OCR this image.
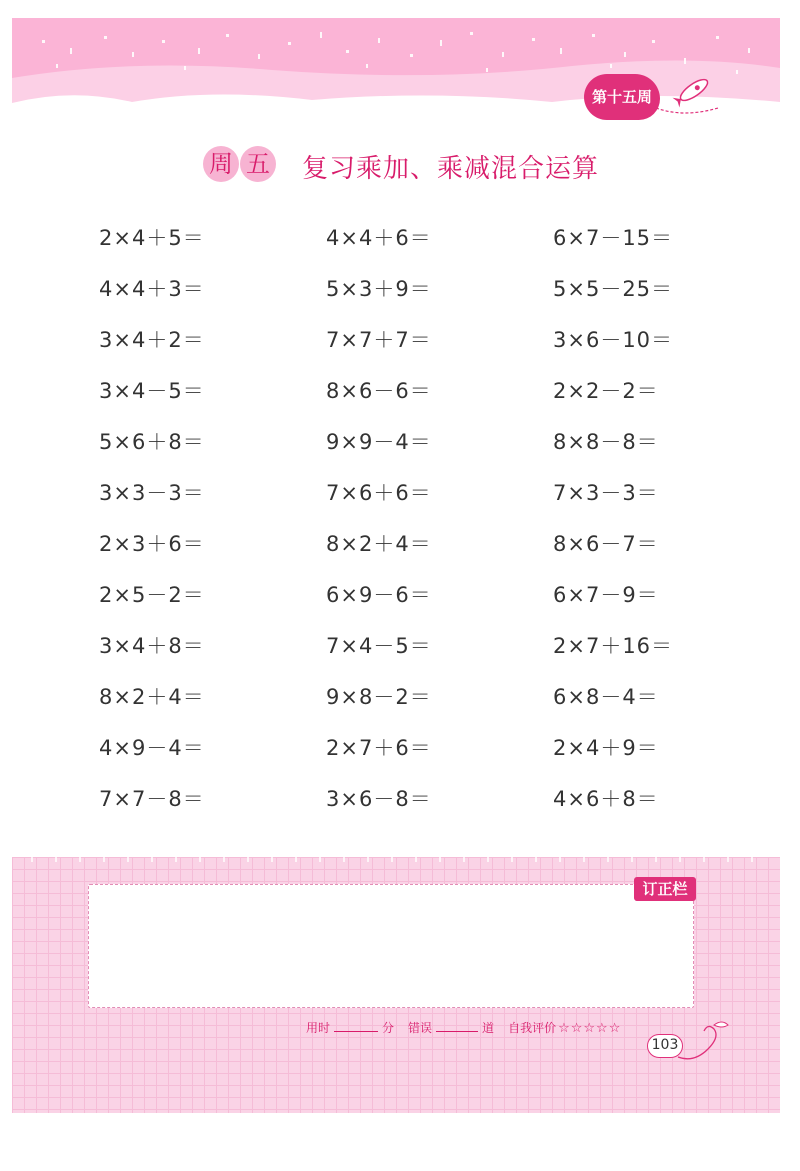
第十五周
周 五 复习乘加、乘减混合运算
2×4＋5＝	4×4＋6＝	6×7－15＝
4×4＋3＝	5×3＋9＝	5×5－25＝
3×4＋2＝	7×7＋7＝	3×6－10＝
3×4－5＝	8×6－6＝	2×2－2＝
5×6＋8＝	9×9－4＝	8×8－8＝
3×3－3＝	7×6＋6＝	7×3－3＝
2×3＋6＝	8×2＋4＝	8×6－7＝
2×5－2＝	6×9－6＝	6×7－9＝
3×4＋8＝	7×4－5＝	2×7＋16＝
8×2＋4＝	9×8－2＝	6×8－4＝
4×9－4＝	2×7＋6＝	2×4＋9＝
7×7－8＝	3×6－8＝	4×6＋8＝
订正栏
用时	分 错误	道 自我评价 ☆☆☆☆☆
103
